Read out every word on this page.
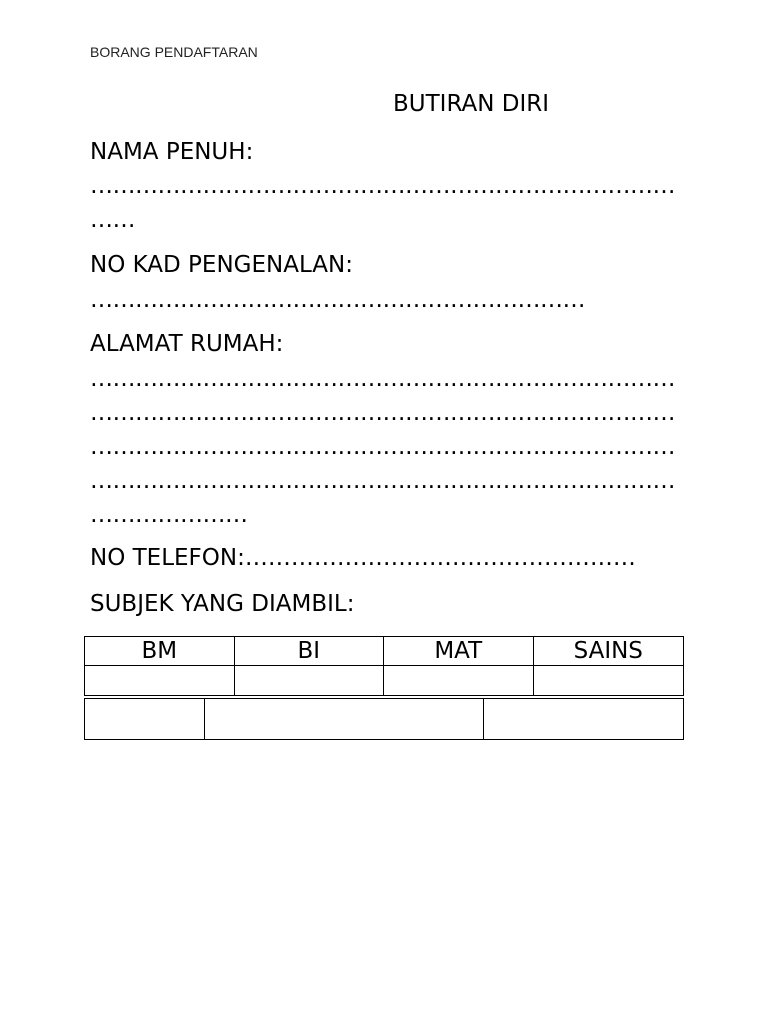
BORANG PENDAFTARAN
BUTIRAN DIRI
NAMA PENUH:
……………………………………………………………………
……
NO KAD PENGENALAN:
…………………………………………………………
ALAMAT RUMAH:
……………………………………………………………………
……………………………………………………………………
……………………………………………………………………
……………………………………………………………………
…………………
NO TELEFON:……………………………………………
SUBJEK YANG DIAMBIL:
BM	BI	MAT	SAINS
